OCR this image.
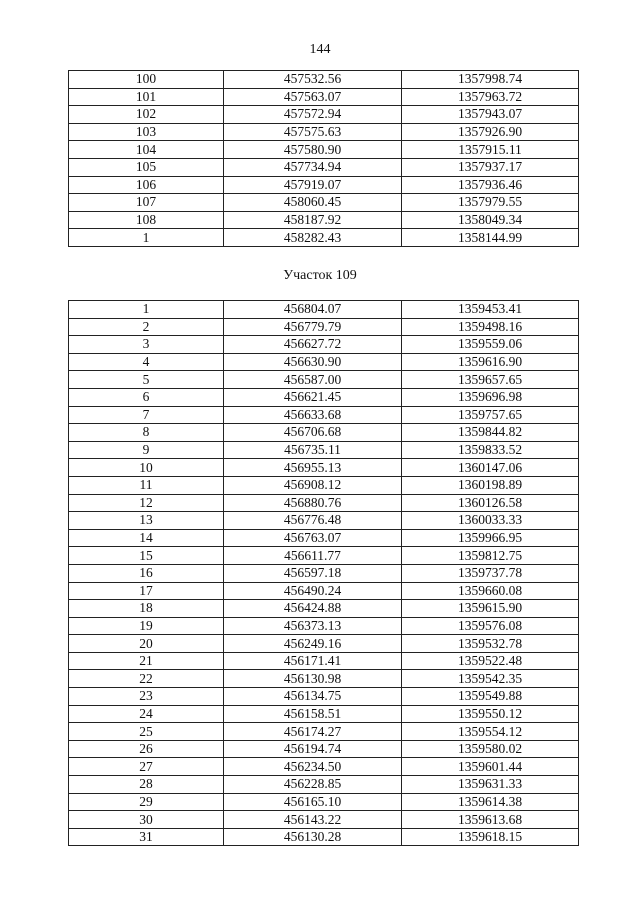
144
100	457532.56	1357998.74
101	457563.07	1357963.72
102	457572.94	1357943.07
103	457575.63	1357926.90
104	457580.90	1357915.11
105	457734.94	1357937.17
106	457919.07	1357936.46
107	458060.45	1357979.55
108	458187.92	1358049.34
1	458282.43	1358144.99
Участок 109
1	456804.07	1359453.41
2	456779.79	1359498.16
3	456627.72	1359559.06
4	456630.90	1359616.90
5	456587.00	1359657.65
6	456621.45	1359696.98
7	456633.68	1359757.65
8	456706.68	1359844.82
9	456735.11	1359833.52
10	456955.13	1360147.06
11	456908.12	1360198.89
12	456880.76	1360126.58
13	456776.48	1360033.33
14	456763.07	1359966.95
15	456611.77	1359812.75
16	456597.18	1359737.78
17	456490.24	1359660.08
18	456424.88	1359615.90
19	456373.13	1359576.08
20	456249.16	1359532.78
21	456171.41	1359522.48
22	456130.98	1359542.35
23	456134.75	1359549.88
24	456158.51	1359550.12
25	456174.27	1359554.12
26	456194.74	1359580.02
27	456234.50	1359601.44
28	456228.85	1359631.33
29	456165.10	1359614.38
30	456143.22	1359613.68
31	456130.28	1359618.15
